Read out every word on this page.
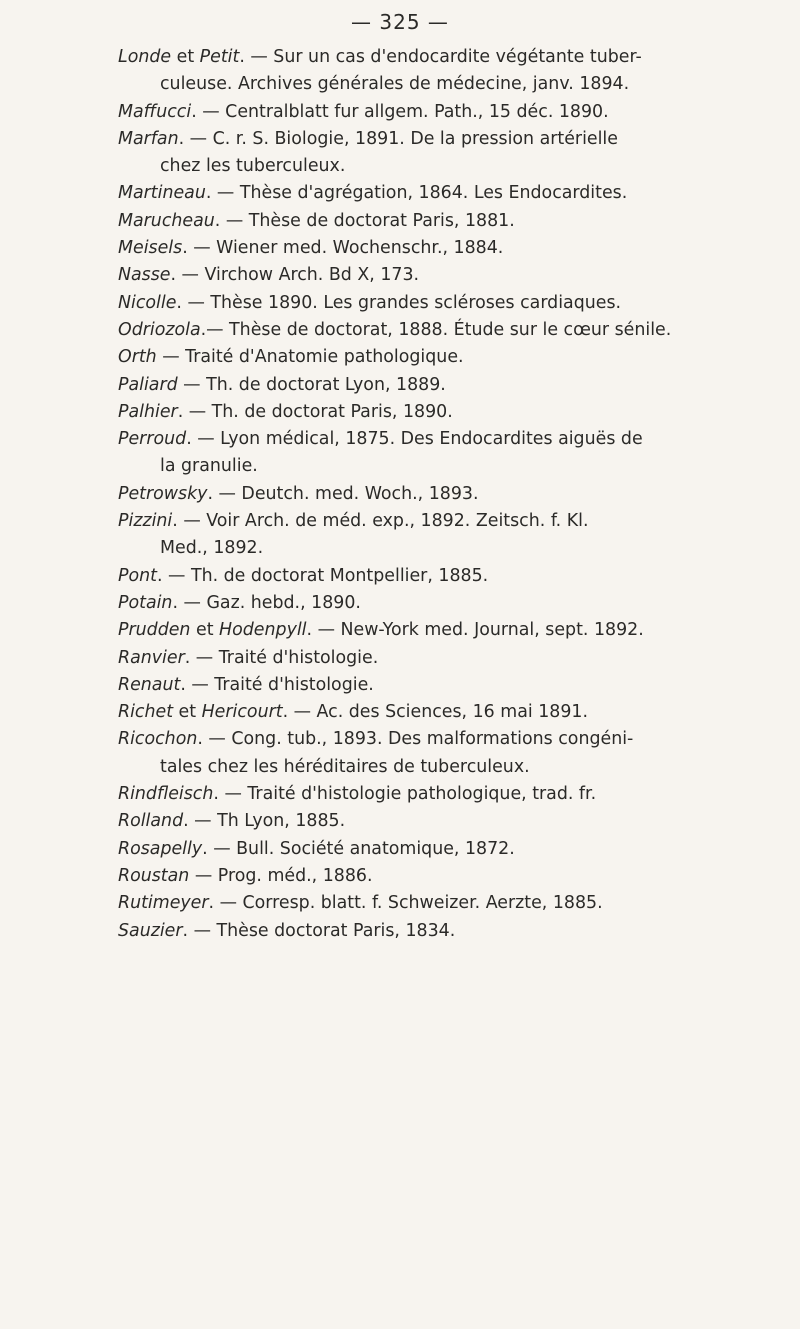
— 325 —
Londe et Petit. — Sur un cas d'endocardite végétante tuber-
culeuse. Archives générales de médecine, janv. 1894.
Maffucci. — Centralblatt fur allgem. Path., 15 déc. 1890.
Marfan. — C. r. S. Biologie, 1891. De la pression artérielle
chez les tuberculeux.
Martineau. — Thèse d'agrégation, 1864. Les Endocardites.
Marucheau. — Thèse de doctorat Paris, 1881.
Meisels. — Wiener med. Wochenschr., 1884.
Nasse. — Virchow Arch. Bd X, 173.
Nicolle. — Thèse 1890. Les grandes scléroses cardiaques.
Odriozola.— Thèse de doctorat, 1888. Étude sur le cœur sénile.
Orth — Traité d'Anatomie pathologique.
Paliard — Th. de doctorat Lyon, 1889.
Palhier. — Th. de doctorat Paris, 1890.
Perroud. — Lyon médical, 1875. Des Endocardites aiguës de
la granulie.
Petrowsky. — Deutch. med. Woch., 1893.
Pizzini. — Voir Arch. de méd. exp., 1892. Zeitsch. f. Kl.
Med., 1892.
Pont. — Th. de doctorat Montpellier, 1885.
Potain. — Gaz. hebd., 1890.
Prudden et Hodenpyll. — New-York med. Journal, sept. 1892.
Ranvier. — Traité d'histologie.
Renaut. — Traité d'histologie.
Richet et Hericourt. — Ac. des Sciences, 16 mai 1891.
Ricochon. — Cong. tub., 1893. Des malformations congéni-
tales chez les héréditaires de tuberculeux.
Rindfleisch. — Traité d'histologie pathologique, trad. fr.
Rolland. — Th Lyon, 1885.
Rosapelly. — Bull. Société anatomique, 1872.
Roustan — Prog. méd., 1886.
Rutimeyer. — Corresp. blatt. f. Schweizer. Aerzte, 1885.
Sauzier. — Thèse doctorat Paris, 1834.
